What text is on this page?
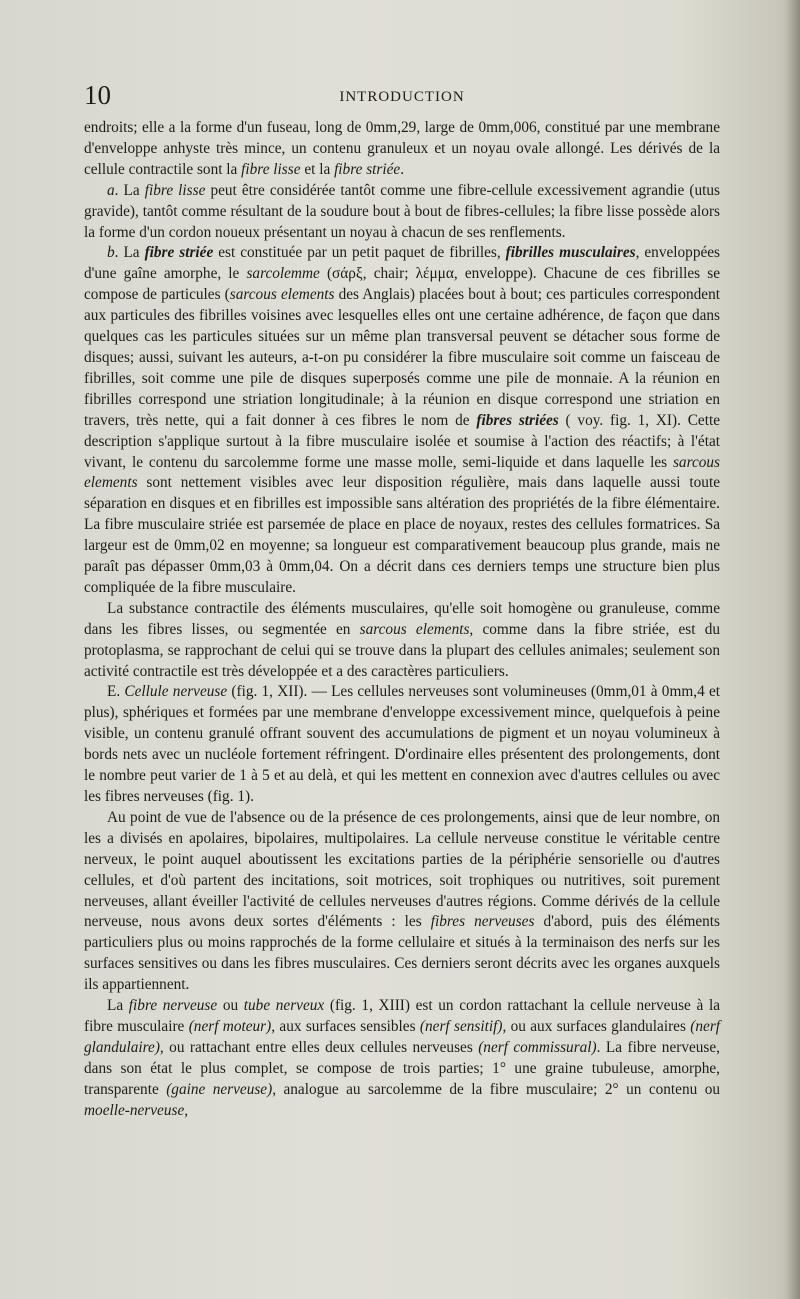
10	INTRODUCTION

endroits; elle a la forme d'un fuseau, long de 0mm,29, large de 0mm,006, constitué par une membrane d'enveloppe anhyste très mince, un contenu granuleux et un noyau ovale allongé. Les dérivés de la cellule contractile sont la fibre lisse et la fibre striée.

a. La fibre lisse peut être considérée tantôt comme une fibre-cellule excessivement agrandie (utus gravide), tantôt comme résultant de la soudure bout à bout de fibres-cellules; la fibre lisse possède alors la forme d'un cordon noueux présentant un noyau à chacun de ses renflements.

b. La fibre striée est constituée par un petit paquet de fibrilles, fibrilles musculaires, enveloppées d'une gaîne amorphe, le sarcolemme (σάρξ, chair; λέμμα, enveloppe). Chacune de ces fibrilles se compose de particules (sarcous elements des Anglais) placées bout à bout; ces particules correspondent aux particules des fibrilles voisines avec lesquelles elles ont une certaine adhérence, de façon que dans quelques cas les particules situées sur un même plan transversal peuvent se détacher sous forme de disques; aussi, suivant les auteurs, a-t-on pu considérer la fibre musculaire soit comme un faisceau de fibrilles, soit comme une pile de disques superposés comme une pile de monnaie. A la réunion en fibrilles correspond une striation longitudinale; à la réunion en disque correspond une striation en travers, très nette, qui a fait donner à ces fibres le nom de fibres striées ( voy. fig. 1, XI). Cette description s'applique surtout à la fibre musculaire isolée et soumise à l'action des réactifs; à l'état vivant, le contenu du sarcolemme forme une masse molle, semi-liquide et dans laquelle les sarcous elements sont nettement visibles avec leur disposition régulière, mais dans laquelle aussi toute séparation en disques et en fibrilles est impossible sans altération des propriétés de la fibre élémentaire. La fibre musculaire striée est parsemée de place en place de noyaux, restes des cellules formatrices. Sa largeur est de 0mm,02 en moyenne; sa longueur est comparativement beaucoup plus grande, mais ne paraît pas dépasser 0mm,03 à 0mm,04. On a décrit dans ces derniers temps une structure bien plus compliquée de la fibre musculaire.

La substance contractile des éléments musculaires, qu'elle soit homogène ou granuleuse, comme dans les fibres lisses, ou segmentée en sarcous elements, comme dans la fibre striée, est du protoplasma, se rapprochant de celui qui se trouve dans la plupart des cellules animales; seulement son activité contractile est très développée et a des caractères particuliers.

E. Cellule nerveuse (fig. 1, XII). — Les cellules nerveuses sont volumineuses (0mm,01 à 0mm,4 et plus), sphériques et formées par une membrane d'enveloppe excessivement mince, quelquefois à peine visible, un contenu granulé offrant souvent des accumulations de pigment et un noyau volumineux à bords nets avec un nucléole fortement réfringent. D'ordinaire elles présentent des prolongements, dont le nombre peut varier de 1 à 5 et au delà, et qui les mettent en connexion avec d'autres cellules ou avec les fibres nerveuses (fig. 1).

Au point de vue de l'absence ou de la présence de ces prolongements, ainsi que de leur nombre, on les a divisés en apolaires, bipolaires, multipolaires. La cellule nerveuse constitue le véritable centre nerveux, le point auquel aboutissent les excitations parties de la périphérie sensorielle ou d'autres cellules, et d'où partent des incitations, soit motrices, soit trophiques ou nutritives, soit purement nerveuses, allant éveiller l'activité de cellules nerveuses d'autres régions. Comme dérivés de la cellule nerveuse, nous avons deux sortes d'éléments : les fibres nerveuses d'abord, puis des éléments particuliers plus ou moins rapprochés de la forme cellulaire et situés à la terminaison des nerfs sur les surfaces sensitives ou dans les fibres musculaires. Ces derniers seront décrits avec les organes auxquels ils appartiennent.

La fibre nerveuse ou tube nerveux (fig. 1, XIII) est un cordon rattachant la cellule nerveuse à la fibre musculaire (nerf moteur), aux surfaces sensibles (nerf sensitif), ou aux surfaces glandulaires (nerf glandulaire), ou rattachant entre elles deux cellules nerveuses (nerf commissural). La fibre nerveuse, dans son état le plus complet, se compose de trois parties; 1° une graine tubuleuse, amorphe, transparente (gaine nerveuse), analogue au sarcolemme de la fibre musculaire; 2° un contenu ou moelle-nerveuse,
